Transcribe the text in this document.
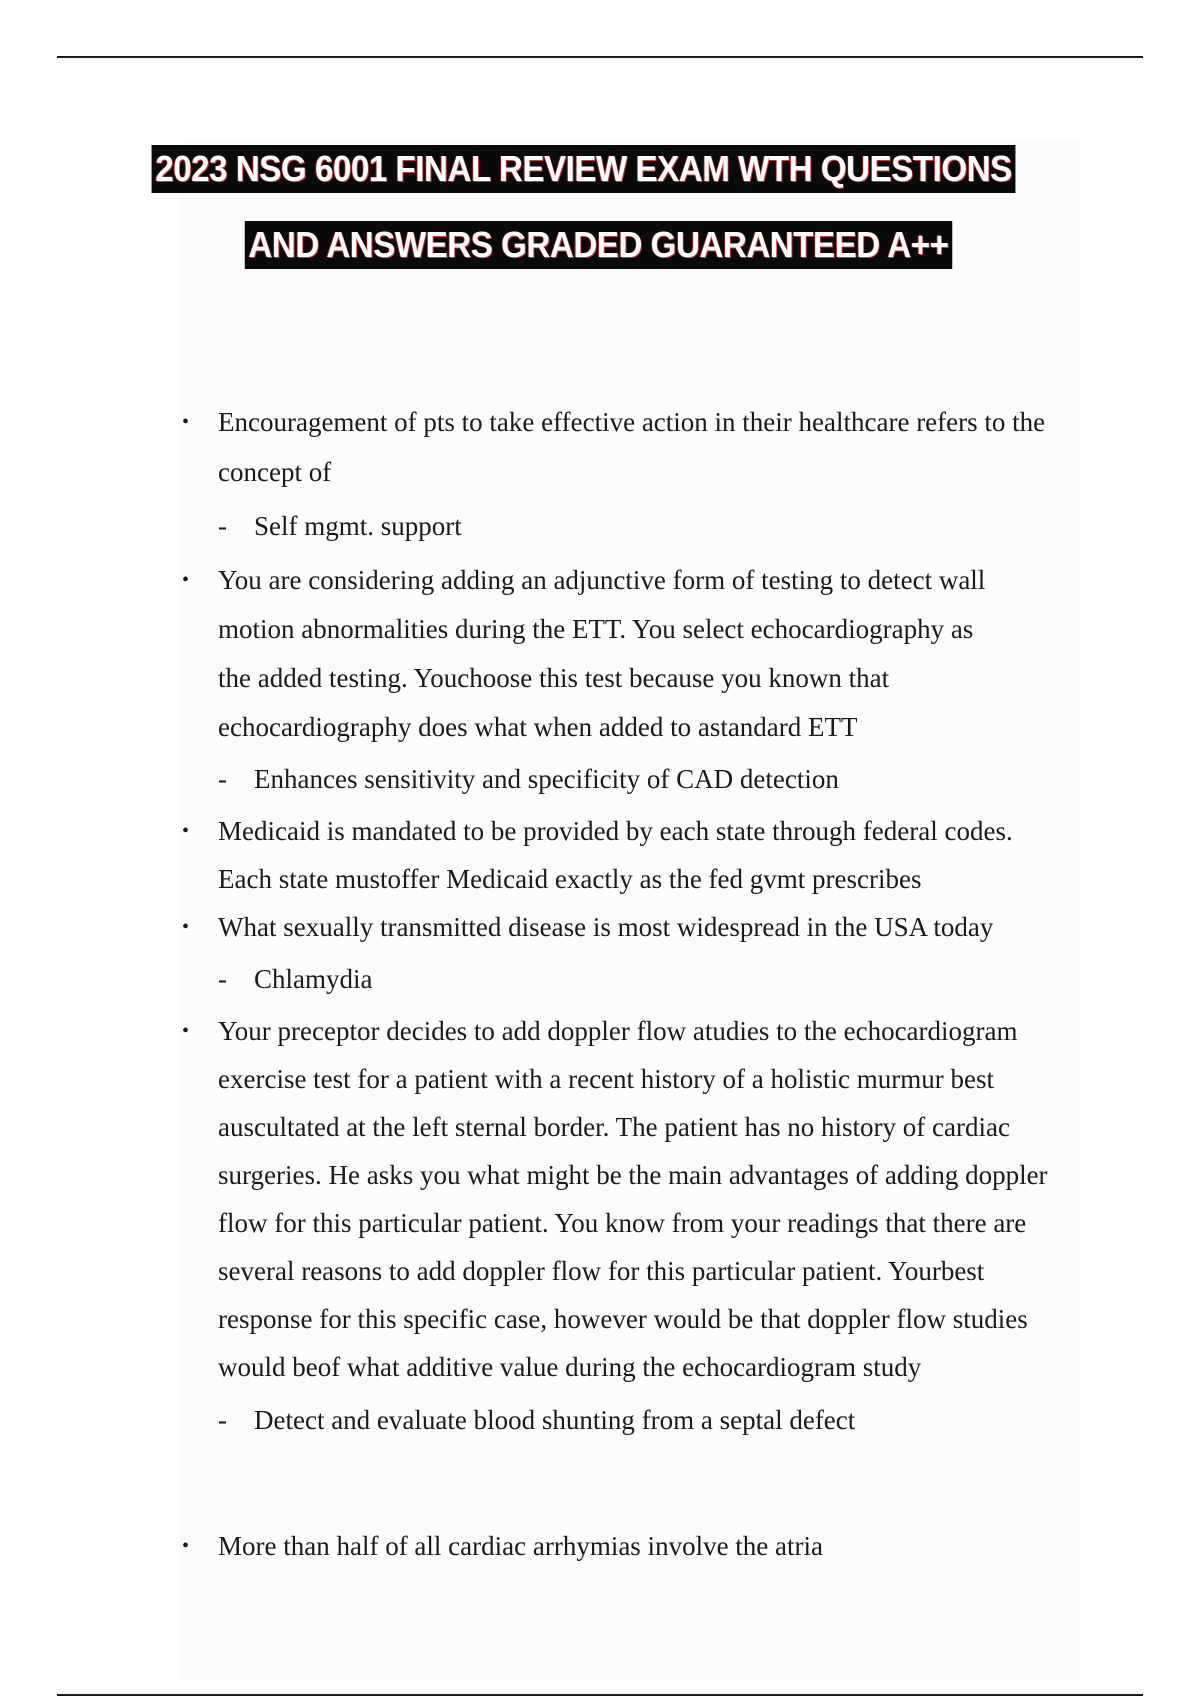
2023 NSG 6001 FINAL REVIEW EXAM WTH QUESTIONS
AND ANSWERS GRADED GUARANTEED A++
• Encouragement of pts to take effective action in their healthcare refers to the
concept of
- Self mgmt. support
• You are considering adding an adjunctive form of testing to detect wall
motion abnormalities during the ETT. You select echocardiography as
the added testing. Youchoose this test because you known that
echocardiography does what when added to astandard ETT
- Enhances sensitivity and specificity of CAD detection
• Medicaid is mandated to be provided by each state through federal codes.
Each state mustoffer Medicaid exactly as the fed gvmt prescribes
• What sexually transmitted disease is most widespread in the USA today
- Chlamydia
• Your preceptor decides to add doppler flow atudies to the echocardiogram
exercise test for a patient with a recent history of a holistic murmur best
auscultated at the left sternal border. The patient has no history of cardiac
surgeries. He asks you what might be the main advantages of adding doppler
flow for this particular patient. You know from your readings that there are
several reasons to add doppler flow for this particular patient. Yourbest
response for this specific case, however would be that doppler flow studies
would beof what additive value during the echocardiogram study
- Detect and evaluate blood shunting from a septal defect
• More than half of all cardiac arrhymias involve the atria
